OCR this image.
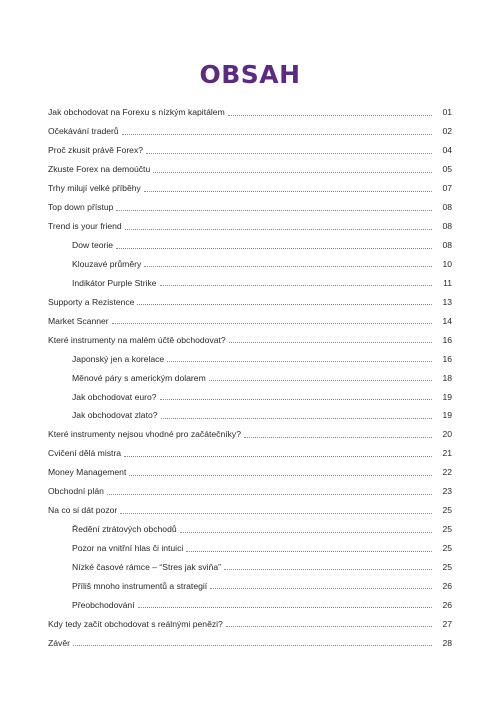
OBSAH
Jak obchodovat na Forexu s nízkým kapitálem	01
Očekávání traderů	02
Proč zkusit právě Forex?	04
Zkuste Forex na demoúčtu	05
Trhy milují velké příběhy	07
Top down přístup	08
Trend is your friend	08
Dow teorie	08
Klouzavé průměry	10
Indikátor Purple Strike	11
Supporty a Rezistence	13
Market Scanner	14
Které instrumenty na malém účtě obchodovat?	16
Japonský jen a korelace	16
Měnové páry s americkým dolarem	18
Jak obchodovat euro?	19
Jak obchodovat zlato?	19
Které instrumenty nejsou vhodné pro začátečníky?	20
Cvičení dělá mistra	21
Money Management	22
Obchodní plán	23
Na co si dát pozor	25
Ředění ztrátových obchodů	25
Pozor na vnitřní hlas či intuici	25
Nízké časové rámce – “Stres jak sviňa”	25
Příliš mnoho instrumentů a strategií	26
Přeobchodování	26
Kdy tedy začít obchodovat s reálnými penězi?	27
Závěr	28
